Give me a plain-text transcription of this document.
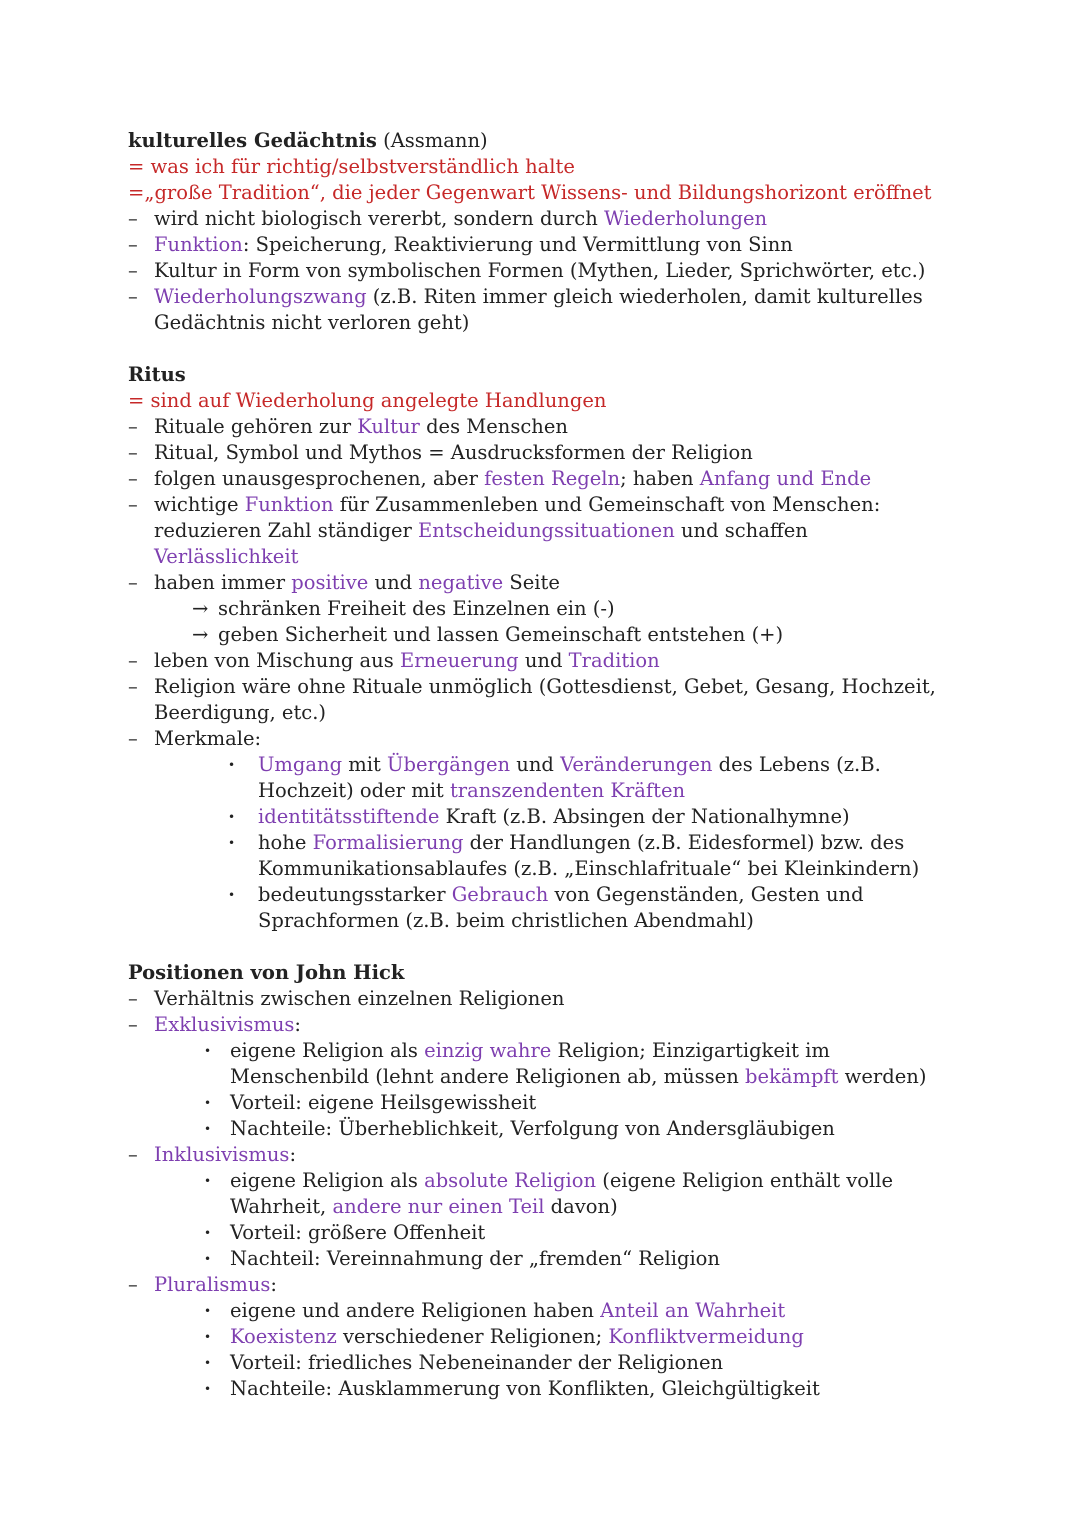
kulturelles Gedächtnis (Assmann)
= was ich für richtig/selbstverständlich halte
=„große Tradition“, die jeder Gegenwart Wissens- und Bildungshorizont eröffnet
– wird nicht biologisch vererbt, sondern durch Wiederholungen
– Funktion: Speicherung, Reaktivierung und Vermittlung von Sinn
– Kultur in Form von symbolischen Formen (Mythen, Lieder, Sprichwörter, etc.)
– Wiederholungszwang (z.B. Riten immer gleich wiederholen, damit kulturelles Gedächtnis nicht verloren geht)
Ritus
= sind auf Wiederholung angelegte Handlungen
– Rituale gehören zur Kultur des Menschen
– Ritual, Symbol und Mythos = Ausdrucksformen der Religion
– folgen unausgesprochenen, aber festen Regeln; haben Anfang und Ende
– wichtige Funktion für Zusammenleben und Gemeinschaft von Menschen: reduzieren Zahl ständiger Entscheidungssituationen und schaffen Verlässlichkeit
– haben immer positive und negative Seite
→ schränken Freiheit des Einzelnen ein (-)
→ geben Sicherheit und lassen Gemeinschaft entstehen (+)
– leben von Mischung aus Erneuerung und Tradition
– Religion wäre ohne Rituale unmöglich (Gottesdienst, Gebet, Gesang, Hochzeit, Beerdigung, etc.)
– Merkmale:
• Umgang mit Übergängen und Veränderungen des Lebens (z.B. Hochzeit) oder mit transzendenten Kräften
• identitätsstiftende Kraft (z.B. Absingen der Nationalhymne)
• hohe Formalisierung der Handlungen (z.B. Eidesformel) bzw. des Kommunikationsablaufes (z.B. „Einschlafrituale“ bei Kleinkindern)
• bedeutungsstarker Gebrauch von Gegenständen, Gesten und Sprachformen (z.B. beim christlichen Abendmahl)
Positionen von John Hick
– Verhältnis zwischen einzelnen Religionen
– Exklusivismus:
• eigene Religion als einzig wahre Religion; Einzigartigkeit im Menschenbild (lehnt andere Religionen ab, müssen bekämpft werden)
• Vorteil: eigene Heilsgewissheit
• Nachteile: Überheblichkeit, Verfolgung von Andersgläubigen
– Inklusivismus:
• eigene Religion als absolute Religion (eigene Religion enthält volle Wahrheit, andere nur einen Teil davon)
• Vorteil: größere Offenheit
• Nachteil: Vereinnahmung der „fremden“ Religion
– Pluralismus:
• eigene und andere Religionen haben Anteil an Wahrheit
• Koexistenz verschiedener Religionen; Konfliktvermeidung
• Vorteil: friedliches Nebeneinander der Religionen
• Nachteile: Ausklammerung von Konflikten, Gleichgültigkeit
